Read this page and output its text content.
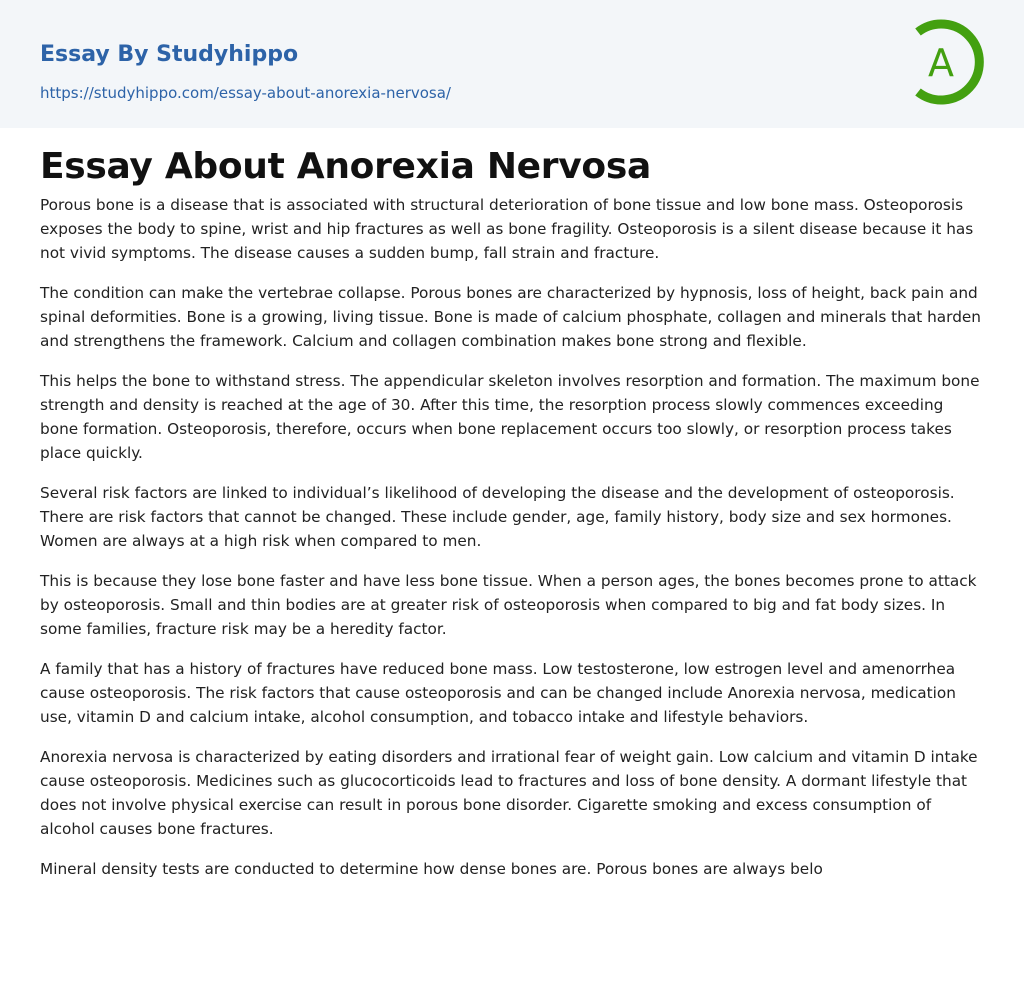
Essay By Studyhippo
https://studyhippo.com/essay-about-anorexia-nervosa/
A
Essay About Anorexia Nervosa

Porous bone is a disease that is associated with structural deterioration of bone tissue and low bone mass. Osteoporosis exposes the body to spine, wrist and hip fractures as well as bone fragility. Osteoporosis is a silent disease because it has not vivid symptoms. The disease causes a sudden bump, fall strain and fracture.

The condition can make the vertebrae collapse. Porous bones are characterized by hypnosis, loss of height, back pain and spinal deformities. Bone is a growing, living tissue. Bone is made of calcium phosphate, collagen and minerals that harden and strengthens the framework. Calcium and collagen combination makes bone strong and flexible.

This helps the bone to withstand stress. The appendicular skeleton involves resorption and formation. The maximum bone strength and density is reached at the age of 30. After this time, the resorption process slowly commences exceeding bone formation. Osteoporosis, therefore, occurs when bone replacement occurs too slowly, or resorption process takes place quickly.

Several risk factors are linked to individual’s likelihood of developing the disease and the development of osteoporosis. There are risk factors that cannot be changed. These include gender, age, family history, body size and sex hormones. Women are always at a high risk when compared to men.

This is because they lose bone faster and have less bone tissue. When a person ages, the bones becomes prone to attack by osteoporosis. Small and thin bodies are at greater risk of osteoporosis when compared to big and fat body sizes. In some families, fracture risk may be a heredity factor.

A family that has a history of fractures have reduced bone mass. Low testosterone, low estrogen level and amenorrhea cause osteoporosis. The risk factors that cause osteoporosis and can be changed include Anorexia nervosa, medication use, vitamin D and calcium intake, alcohol consumption, and tobacco intake and lifestyle behaviors.

Anorexia nervosa is characterized by eating disorders and irrational fear of weight gain. Low calcium and vitamin D intake cause osteoporosis. Medicines such as glucocorticoids lead to fractures and loss of bone density. A dormant lifestyle that does not involve physical exercise can result in porous bone disorder. Cigarette smoking and excess consumption of alcohol causes bone fractures.

Mineral density tests are conducted to determine how dense bones are. Porous bones are always belo
